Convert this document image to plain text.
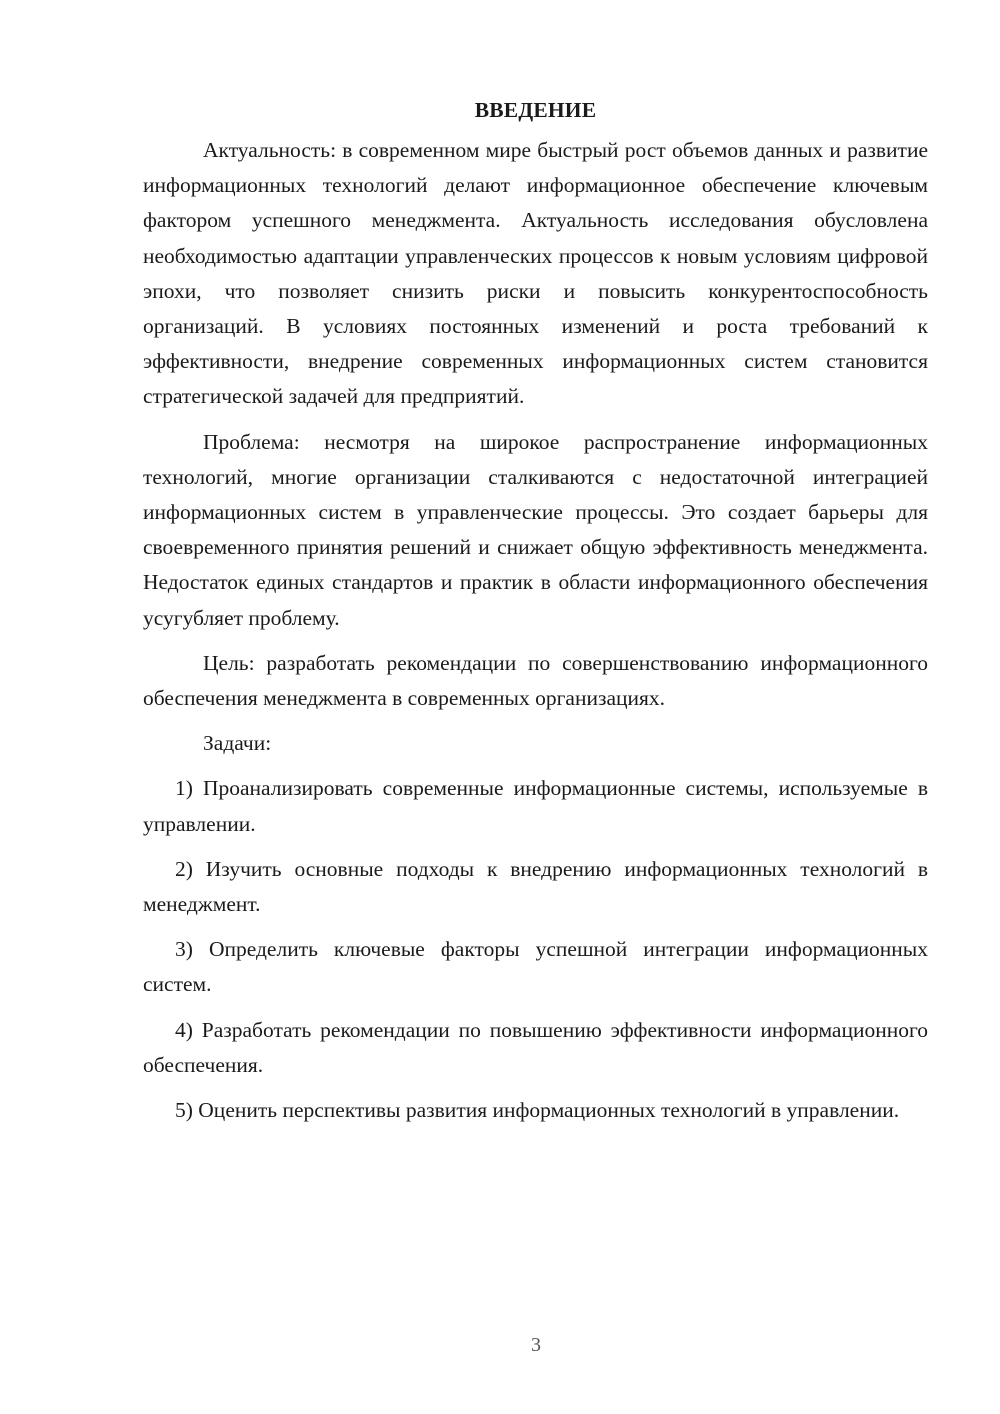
ВВЕДЕНИЕ

Актуальность: в современном мире быстрый рост объемов данных и развитие информационных технологий делают информационное обеспечение ключевым фактором успешного менеджмента. Актуальность исследования обусловлена необходимостью адаптации управленческих процессов к новым условиям цифровой эпохи, что позволяет снизить риски и повысить конкурентоспособность организаций. В условиях постоянных изменений и роста требований к эффективности, внедрение современных информационных систем становится стратегической задачей для предприятий.

Проблема: несмотря на широкое распространение информационных технологий, многие организации сталкиваются с недостаточной интеграцией информационных систем в управленческие процессы. Это создает барьеры для своевременного принятия решений и снижает общую эффективность менеджмента. Недостаток единых стандартов и практик в области информационного обеспечения усугубляет проблему.

Цель: разработать рекомендации по совершенствованию информационного обеспечения менеджмента в современных организациях.

Задачи:

1) Проанализировать современные информационные системы, используемые в управлении.

2) Изучить основные подходы к внедрению информационных технологий в менеджмент.

3) Определить ключевые факторы успешной интеграции информационных систем.

4) Разработать рекомендации по повышению эффективности информационного обеспечения.

5) Оценить перспективы развития информационных технологий в управлении.

3
